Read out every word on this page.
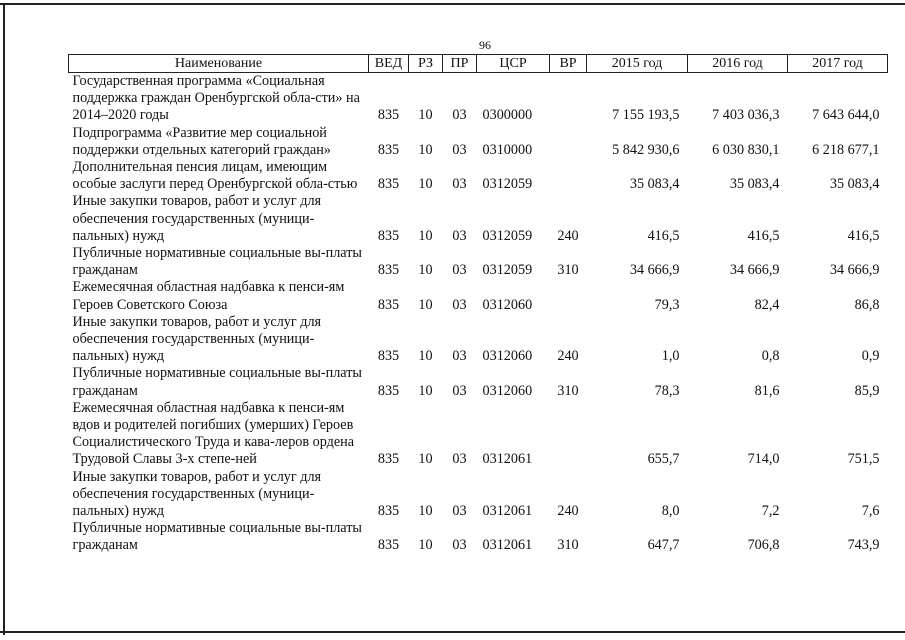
96
Наименование	ВЕД	РЗ	ПР	ЦСР	ВР	2015 год	2016 год	2017 год
Государственная программа «Социальная поддержка граждан Оренбургской обла-сти» на 2014–2020 годы	835	10	03	0300000		7 155 193,5	7 403 036,3	7 643 644,0
Подпрограмма «Развитие мер социальной поддержки отдельных категорий граждан»	835	10	03	0310000		5 842 930,6	6 030 830,1	6 218 677,1
Дополнительная пенсия лицам, имеющим особые заслуги перед Оренбургской обла-стью	835	10	03	0312059		35 083,4	35 083,4	35 083,4
Иные закупки товаров, работ и услуг для обеспечения государственных (муници-пальных) нужд	835	10	03	0312059	240	416,5	416,5	416,5
Публичные нормативные социальные вы-платы гражданам	835	10	03	0312059	310	34 666,9	34 666,9	34 666,9
Ежемесячная областная надбавка к пенси-ям Героев Советского Союза	835	10	03	0312060		79,3	82,4	86,8
Иные закупки товаров, работ и услуг для обеспечения государственных (муници-пальных) нужд	835	10	03	0312060	240	1,0	0,8	0,9
Публичные нормативные социальные вы-платы гражданам	835	10	03	0312060	310	78,3	81,6	85,9
Ежемесячная областная надбавка к пенси-ям вдов и родителей погибших (умерших) Героев Социалистического Труда и кава-леров ордена Трудовой Славы 3-х степе-ней	835	10	03	0312061		655,7	714,0	751,5
Иные закупки товаров, работ и услуг для обеспечения государственных (муници-пальных) нужд	835	10	03	0312061	240	8,0	7,2	7,6
Публичные нормативные социальные вы-платы гражданам	835	10	03	0312061	310	647,7	706,8	743,9
